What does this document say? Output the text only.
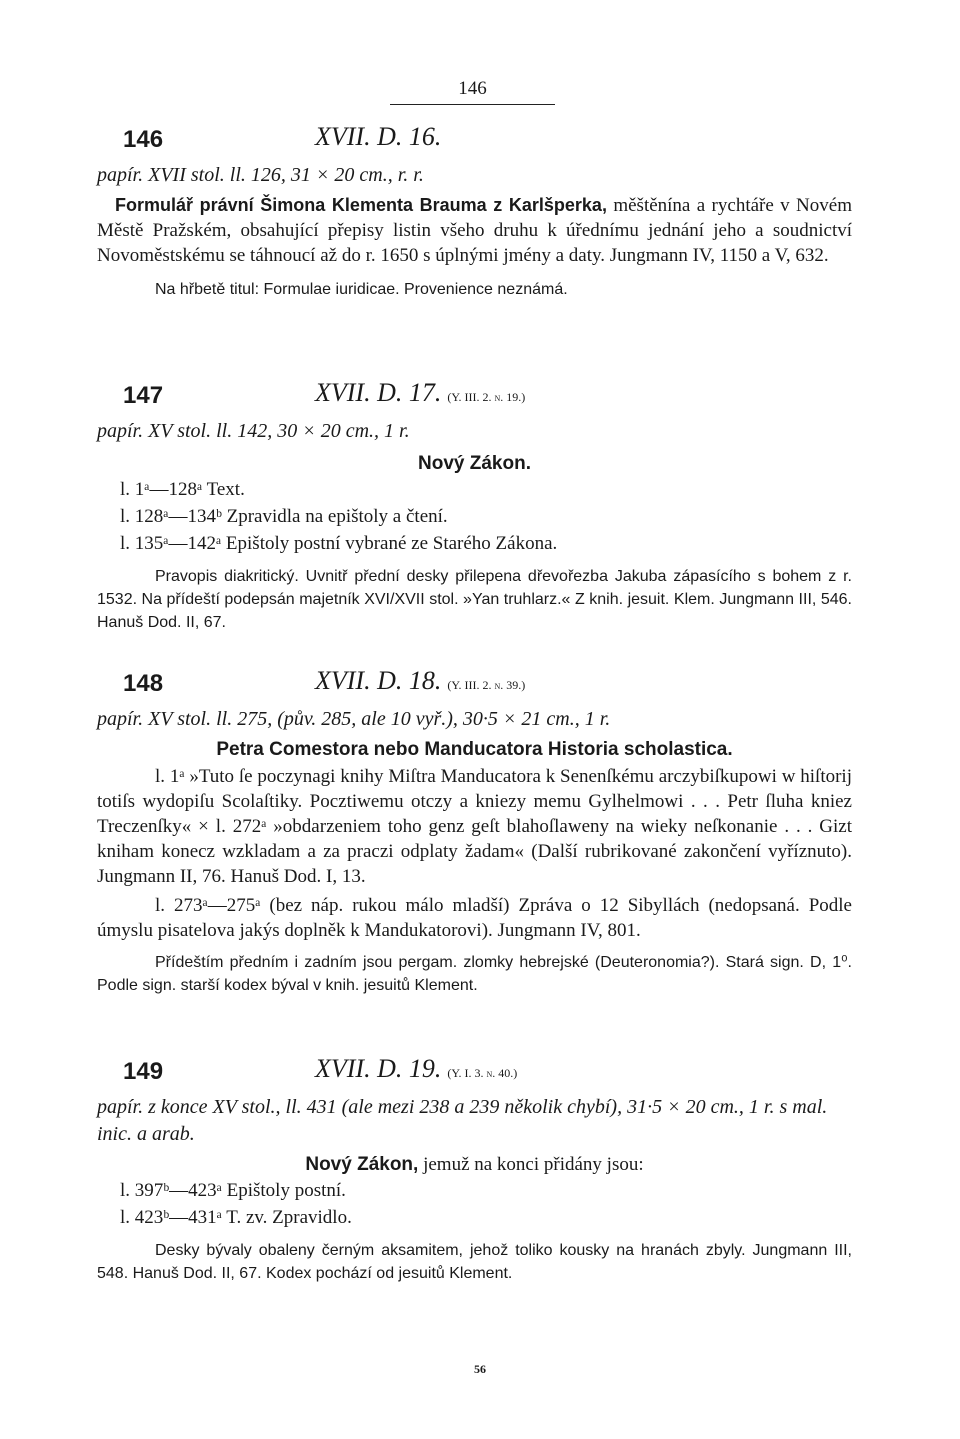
146
146	XVII. D. 16.
papír. XVII stol. ll. 126, 31 × 20 cm., r. r.
Formulář právní Šimona Klementa Brauma z Karlšperka, měštěnína a rychtáře v Novém Městě Pražském, obsahující přepisy listin všeho druhu k úřednímu jednání jeho a soudnictví Novoměstskému se táhnoucí až do r. 1650 s úplnými jmény a daty. Jungmann IV, 1150 a V, 632.
Na hřbetě titul: Formulae iuridicae. Provenience neznámá.
147	XVII. D. 17. (Y. III. 2. n. 19.)
papír. XV stol. ll. 142, 30 × 20 cm., 1 r.
Nový Zákon.
l. 1ᵃ—128ᵃ Text.
l. 128ᵃ—134ᵇ Zpravidla na epištoly a čtení.
l. 135ᵃ—142ᵃ Epištoly postní vybrané ze Starého Zákona.
Pravopis diakritický. Uvnitř přední desky přilepena dřevořezba Jakuba zápasícího s bohem z r. 1532. Na přídeští podepsán majetník XVI/XVII stol. »Yan truhlarz.« Z knih. jesuit. Klem. Jungmann III, 546. Hanuš Dod. II, 67.
148	XVII. D. 18. (Y. III. 2. n. 39.)
papír. XV stol. ll. 275, (pův. 285, ale 10 vyř.), 30·5 × 21 cm., 1 r.
Petra Comestora nebo Manducatora Historia scholastica.
l. 1ᵃ »Tuto ſe poczynagi knihy Miſtra Manducatora k Senenſkému arczybiſkupowi w hiſtorij totiſs wydopiſu Scolaſtiky. Pocztiwemu otczy a kniezy memu Gylhelmowi . . . Petr ſluha kniez Treczenſky« × l. 272ᵃ »obdarzeniem toho genz geſt blahoſlaweny na wieky neſkonanie . . . Gizt kniham konecz wzkladam a za praczi odplaty žadam« (Další rubrikované zakončení vyříznuto). Jungmann II, 76. Hanuš Dod. I, 13.
l. 273ᵃ—275ᵃ (bez náp. rukou málo mladší) Zpráva o 12 Sibyllách (nedopsaná. Podle úmyslu pisatelova jakýs doplněk k Mandukatorovi). Jungmann IV, 801.
Přídeštím předním i zadním jsou pergam. zlomky hebrejské (Deuteronomia?). Stará sign. D, 1⁰. Podle sign. starší kodex býval v knih. jesuitů Klement.
149	XVII. D. 19. (Y. I. 3. n. 40.)
papír. z konce XV stol., ll. 431 (ale mezi 238 a 239 několik chybí), 31·5 × 20 cm., 1 r. s mal. inic. a arab.
Nový Zákon, jemuž na konci přidány jsou:
l. 397ᵇ—423ᵃ Epištoly postní.
l. 423ᵇ—431ᵃ T. zv. Zpravidlo.
Desky bývaly obaleny černým aksamitem, jehož toliko kousky na hranách zbyly. Jungmann III, 548. Hanuš Dod. II, 67. Kodex pochází od jesuitů Klement.
56
